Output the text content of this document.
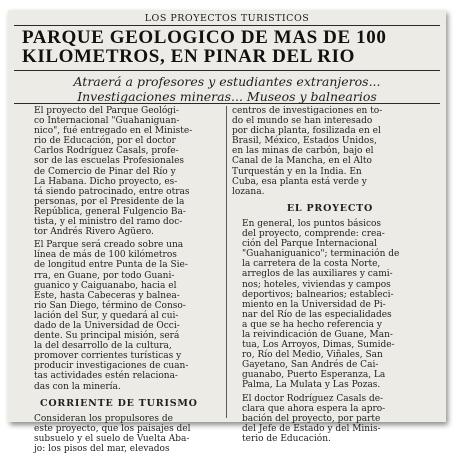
LOS PROYECTOS TURISTICOS
PARQUE GEOLOGICO DE MAS DE 100
KILOMETROS, EN PINAR DEL RIO
Atraerá a profesores y estudiantes extranjeros...
Investigaciones mineras... Museos y balnearios

El proyecto del Parque Geológi-
co Internacional "Guahaniguan-
nico", fué entregado en el Ministe-
rio de Educación, por el doctor
Carlos Rodríguez Casals, profe-
sor de las escuelas Profesionales
de Comercio de Pinar del Río y
La Habana. Dicho proyecto, es-
tá siendo patrocinado, entre otras
personas, por el Presidente de la
República, general Fulgencio Ba-
tista, y el ministro del ramo doc-
tor Andrés Rivero Agüero.

El Parque será creado sobre una
línea de más de 100 kilómetros
de longitud entre Punta de la Sie-
rra, en Guane, por todo Guani-
guanico y Caiguanabo, hacia el
Este, hasta Cabeceras y balnea-
rio San Diego, término de Conso-
lación del Sur, y quedará al cui-
dado de la Universidad de Occi-
dente. Su principal misión, será
la del desarrollo de la cultura,
promover corrientes turísticas y
producir investigaciones de cuan-
tas actividades estén relaciona-
das con la minería.

CORRIENTE DE TURISMO

Consideran los propulsores de
este proyecto, que los paisajes del
subsuelo y el suelo de Vuelta Aba-
jo: los pisos del mar, elevados

centros de investigaciones en to-
do el mundo se han interesado
por dicha planta, fosilizada en el
Brasil, México, Estados Unidos,
en las minas de carbón, bajo el
Canal de la Mancha, en el Alto
Turquestán y en la India. En
Cuba, esa planta está verde y
lozana.

EL PROYECTO

En general, los puntos básicos
del proyecto, comprende: crea-
ción del Parque Internacional
"Guahaniguanico"; terminación de
la carretera de la costa Norte,
arreglos de las auxiliares y cami-
nos; hoteles, viviendas y campos
deportivos; balnearios; estableci-
miento en la Universidad de Pi-
nar del Río de las especialidades
a que se ha hecho referencia y
la reivindicación de Guane, Man-
tua, Los Arroyos, Dimas, Sumide-
ro, Río del Medio, Viñales, San
Gayetano, San Andrés de Cai-
guanabo, Puerto Esperanza, La
Palma, La Mulata y Las Pozas.

El doctor Rodríguez Casals de-
clara que ahora espera la apro-
bación del proyecto, por parte
del Jefe de Estado y del Minis-
terio de Educación.
